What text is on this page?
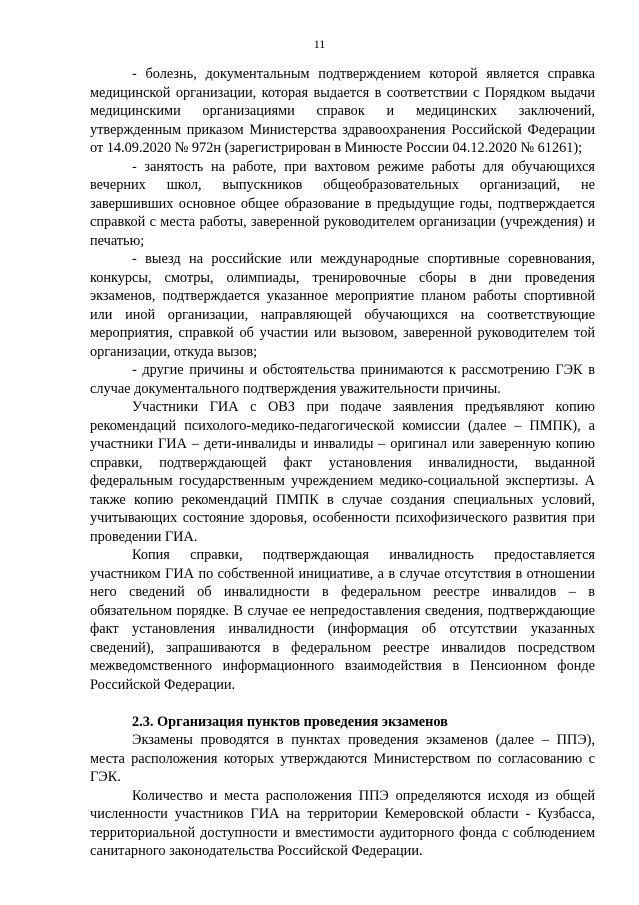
11

- болезнь, документальным подтверждением которой является справка медицинской организации, которая выдается в соответствии с Порядком выдачи медицинскими организациями справок и медицинских заключений, утвержденным приказом Министерства здравоохранения Российской Федерации от 14.09.2020 № 972н (зарегистрирован в Минюсте России 04.12.2020 № 61261);

- занятость на работе, при вахтовом режиме работы для обучающихся вечерних школ, выпускников общеобразовательных организаций, не завершивших основное общее образование в предыдущие годы, подтверждается справкой с места работы, заверенной руководителем организации (учреждения) и печатью;

- выезд на российские или международные спортивные соревнования, конкурсы, смотры, олимпиады, тренировочные сборы в дни проведения экзаменов, подтверждается указанное мероприятие планом работы спортивной или иной организации, направляющей обучающихся на соответствующие мероприятия, справкой об участии или вызовом, заверенной руководителем той организации, откуда вызов;

- другие причины и обстоятельства принимаются к рассмотрению ГЭК в случае документального подтверждения уважительности причины.

Участники ГИА с ОВЗ при подаче заявления предъявляют копию рекомендаций психолого-медико-педагогической комиссии (далее – ПМПК), а участники ГИА – дети-инвалиды и инвалиды – оригинал или заверенную копию справки, подтверждающей факт установления инвалидности, выданной федеральным государственным учреждением медико-социальной экспертизы. А также копию рекомендаций ПМПК в случае создания специальных условий, учитывающих состояние здоровья, особенности психофизического развития при проведении ГИА.

Копия справки, подтверждающая инвалидность предоставляется участником ГИА по собственной инициативе, а в случае отсутствия в отношении него сведений об инвалидности в федеральном реестре инвалидов – в обязательном порядке. В случае ее непредоставления сведения, подтверждающие факт установления инвалидности (информация об отсутствии указанных сведений), запрашиваются в федеральном реестре инвалидов посредством межведомственного информационного взаимодействия в Пенсионном фонде Российской Федерации.

2.3. Организация пунктов проведения экзаменов

Экзамены проводятся в пунктах проведения экзаменов (далее – ППЭ), места расположения которых утверждаются Министерством по согласованию с ГЭК.

Количество и места расположения ППЭ определяются исходя из общей численности участников ГИА на территории Кемеровской области - Кузбасса, территориальной доступности и вместимости аудиторного фонда с соблюдением санитарного законодательства Российской Федерации.
